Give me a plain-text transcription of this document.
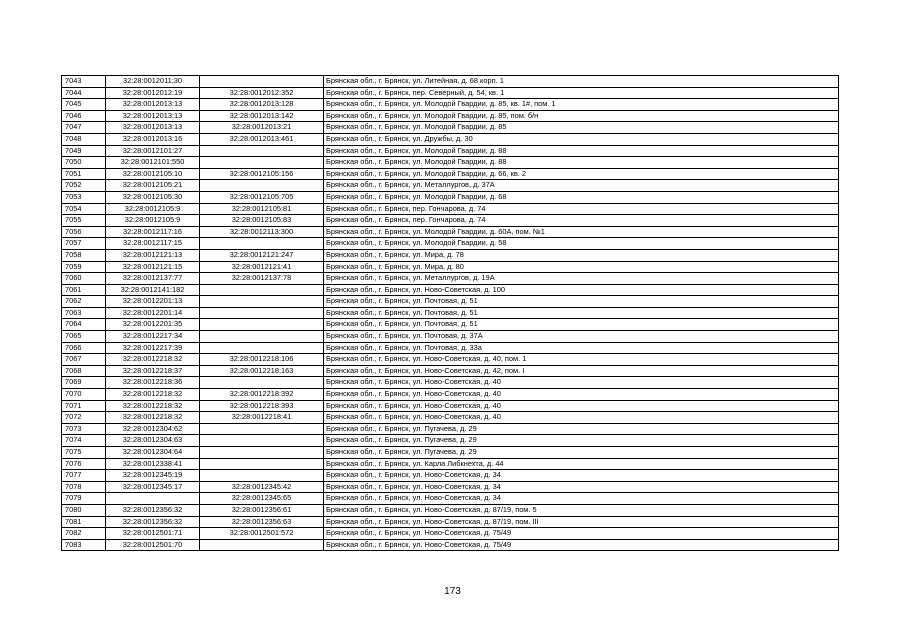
7043	32:28:0012011:30		Брянская обл., г. Брянск, ул. Литейная, д. 68 корп. 1
7044	32:28:0012012:19	32:28:0012012:352	Брянская обл., г. Брянск, пер. Северный, д. 54, кв. 1
7045	32:28:0012013:13	32:28:0012013:128	Брянская обл., г. Брянск, ул. Молодой Гвардии, д. 85, кв. 1#, пом. 1
7046	32:28:0012013:13	32:28:0012013:142	Брянская обл., г. Брянск, ул. Молодой Гвардии, д. 85, пом. б/н
7047	32:28:0012013:13	32:28:0012013:21	Брянская обл., г. Брянск, ул. Молодой Гвардии, д. 85
7048	32:28:0012013:16	32:28:0012013:461	Брянская обл., г. Брянск, ул. Дружбы, д. 30
7049	32:28:0012101:27		Брянская обл., г. Брянск, ул. Молодой Гвардии, д. 88
7050	32:28:0012101:550		Брянская обл., г. Брянск, ул. Молодой Гвардии, д. 88
7051	32:28:0012105:10	32:28:0012105:156	Брянская обл., г. Брянск, ул. Молодой Гвардии, д. 66, кв. 2
7052	32:28:0012105:21		Брянская обл., г. Брянск, ул. Металлургов, д. 37А
7053	32:28:0012105:30	32:28:0012105:705	Брянская обл., г. Брянск, ул. Молодой Гвардии, д. 68
7054	32:28:0012105:9	32:28:0012105:81	Брянская обл., г. Брянск, пер. Гончарова, д. 74
7055	32:28:0012105:9	32:28:0012105:83	Брянская обл., г. Брянск, пер. Гончарова, д. 74
7056	32:28:0012117:16	32:28:0012113:300	Брянская обл., г. Брянск, ул. Молодой Гвардии, д. 60А, пом. №1
7057	32:28:0012117:15		Брянская обл., г. Брянск, ул. Молодой Гвардии, д. 58
7058	32:28:0012121:13	32:28:0012121:247	Брянская обл., г. Брянск, ул. Мира, д. 78
7059	32:28:0012121:15	32:28:0012121:41	Брянская обл., г. Брянск, ул. Мира, д. 80
7060	32:28:0012137:77	32:28:0012137:78	Брянская обл., г. Брянск, ул. Металлургов, д. 19А
7061	32:28:0012141:182		Брянская обл., г. Брянск, ул. Ново-Советская, д. 100
7062	32:28:0012201:13		Брянская обл., г. Брянск, ул. Почтовая, д. 51
7063	32:28:0012201:14		Брянская обл., г. Брянск, ул. Почтовая, д. 51
7064	32:28:0012201:35		Брянская обл., г. Брянск, ул. Почтовая, д. 51
7065	32:28:0012217:34		Брянская обл., г. Брянск, ул. Почтовая, д. 37А
7066	32:28:0012217:39		Брянская обл., г. Брянск, ул. Почтовая, д. 33а
7067	32:28:0012218:32	32:28:0012218:106	Брянская обл., г. Брянск, ул. Ново-Советская, д. 40, пом. 1
7068	32:28:0012218:37	32:28:0012218:163	Брянская обл., г. Брянск, ул. Ново-Советская, д. 42, пом. I
7069	32:28:0012218:36		Брянская обл., г. Брянск, ул. Ново-Советская, д. 40
7070	32:28:0012218:32	32:28:0012218:392	Брянская обл., г. Брянск, ул. Ново-Советская, д. 40
7071	32:28:0012218:32	32:28:0012218:393	Брянская обл., г. Брянск, ул. Ново-Советская, д. 40
7072	32:28:0012218:32	32:28:0012218:41	Брянская обл., г. Брянск, ул. Ново-Советская, д. 40
7073	32:28:0012304:62		Брянская обл., г. Брянск, ул. Пугачева, д. 29
7074	32:28:0012304:63		Брянская обл., г. Брянск, ул. Пугачева, д. 29
7075	32:28:0012304:64		Брянская обл., г. Брянск, ул. Пугачева, д. 29
7076	32:28:0012338:41		Брянская обл., г. Брянск, ул. Карла Либкнехта, д. 44
7077	32:28:0012345:19		Брянская обл., г. Брянск, ул. Ново-Советская, д. 34
7078	32:28:0012345:17	32:28:0012345:42	Брянская обл., г. Брянск, ул. Ново-Советская, д. 34
7079		32:28:0012345:65	Брянская обл., г. Брянск, ул. Ново-Советская, д. 34
7080	32:28:0012356:32	32:28:0012356:61	Брянская обл., г. Брянск, ул. Ново-Советская, д. 87/19, пом. 5
7081	32:28:0012356:32	32:28:0012356:63	Брянская обл., г. Брянск, ул. Ново-Советская, д. 87/19, пом. III
7082	32:28:0012501:71	32:28:0012501:572	Брянская обл., г. Брянск, ул. Ново-Советская, д. 75/49
7083	32:28:0012501:70		Брянская обл., г. Брянск, ул. Ново-Советская, д. 75/49
173
